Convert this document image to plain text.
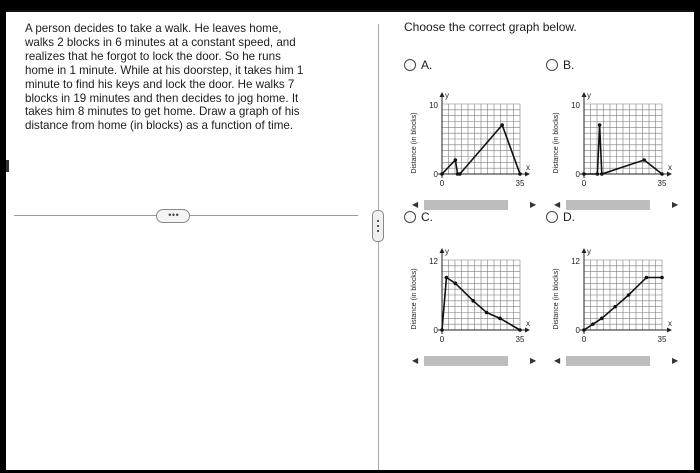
A person decides to take a walk. He leaves home,
walks 2 blocks in 6 minutes at a constant speed, and
realizes that he forgot to lock the door. So he runs
home in 1 minute. While at his doorstep, it takes him 1
minute to find his keys and lock the door. He walks 7
blocks in 19 minutes and then decides to jog home. It
takes him 8 minutes to get home. Draw a graph of his
distance from home (in blocks) as a function of time.
• • •
Choose the correct graph below.
A.
y
x
10
0
0	35
Distance (in blocks)
◀	▶
B.
y
x
10
0
0	35
Distance (in blocks)
◀	▶
C.
y
x
12
0
0	35
Distance (in blocks)
◀	▶
D.
y
x
12
0
0	35
Distance (in blocks)
◀	▶
